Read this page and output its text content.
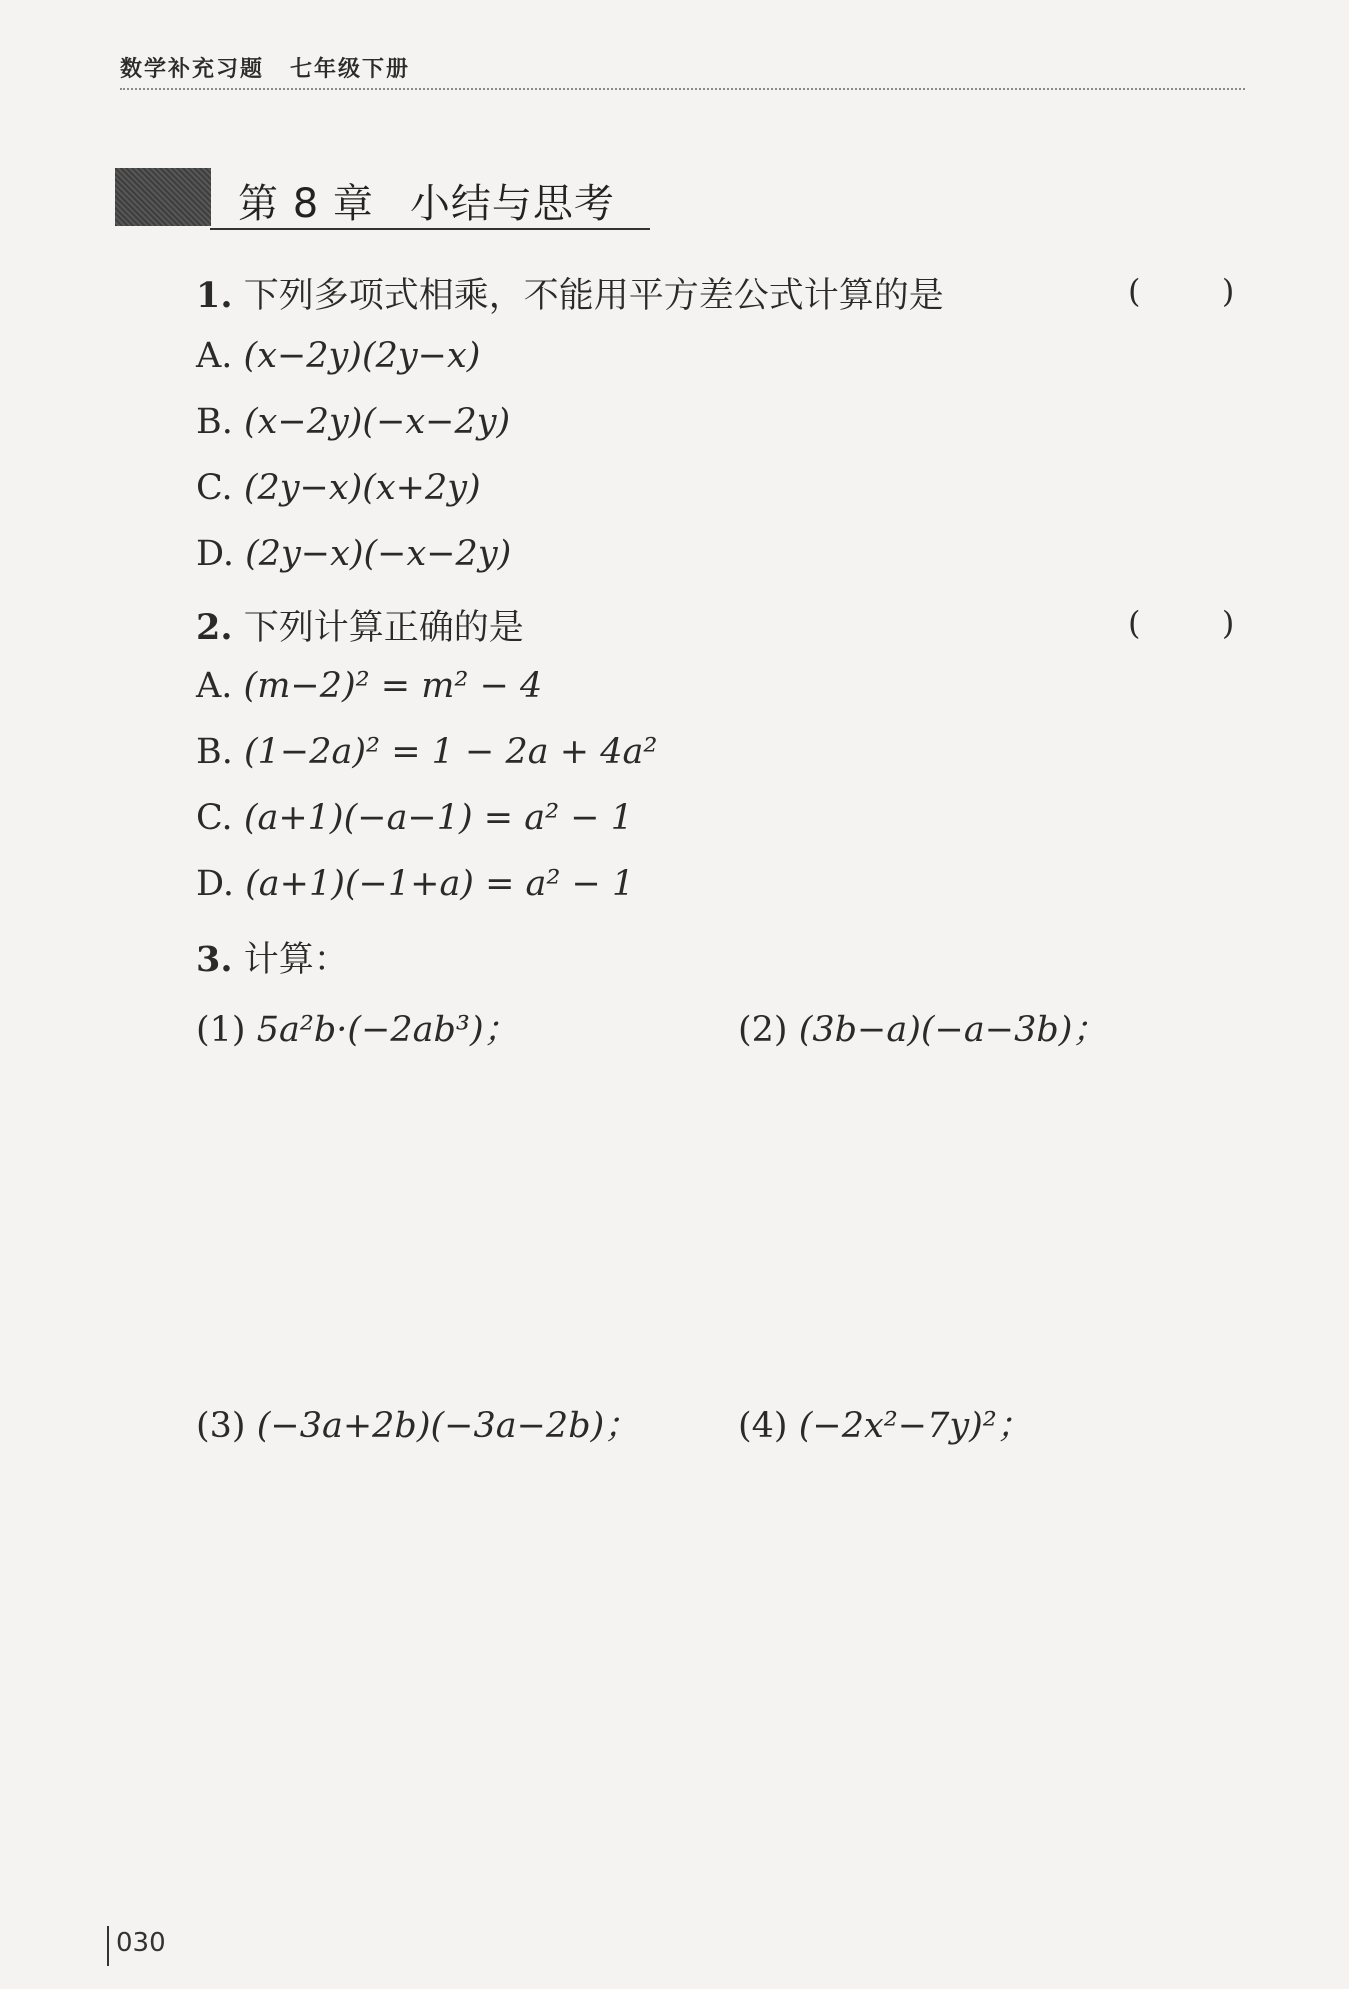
数学补充习题 七年级下册
第 8 章 小结与思考
1. 下列多项式相乘，不能用平方差公式计算的是	(        )
A. (x−2y)(2y−x)
B. (x−2y)(−x−2y)
C. (2y−x)(x+2y)
D. (2y−x)(−x−2y)
2. 下列计算正确的是	(        )
A. (m−2)² = m² − 4
B. (1−2a)² = 1 − 2a + 4a²
C. (a+1)(−a−1) = a² − 1
D. (a+1)(−1+a) = a² − 1
3. 计算：
(1) 5a²b·(−2ab³)；	(2) (3b−a)(−a−3b)；
(3) (−3a+2b)(−3a−2b)；	(4) (−2x²−7y)²；
030
